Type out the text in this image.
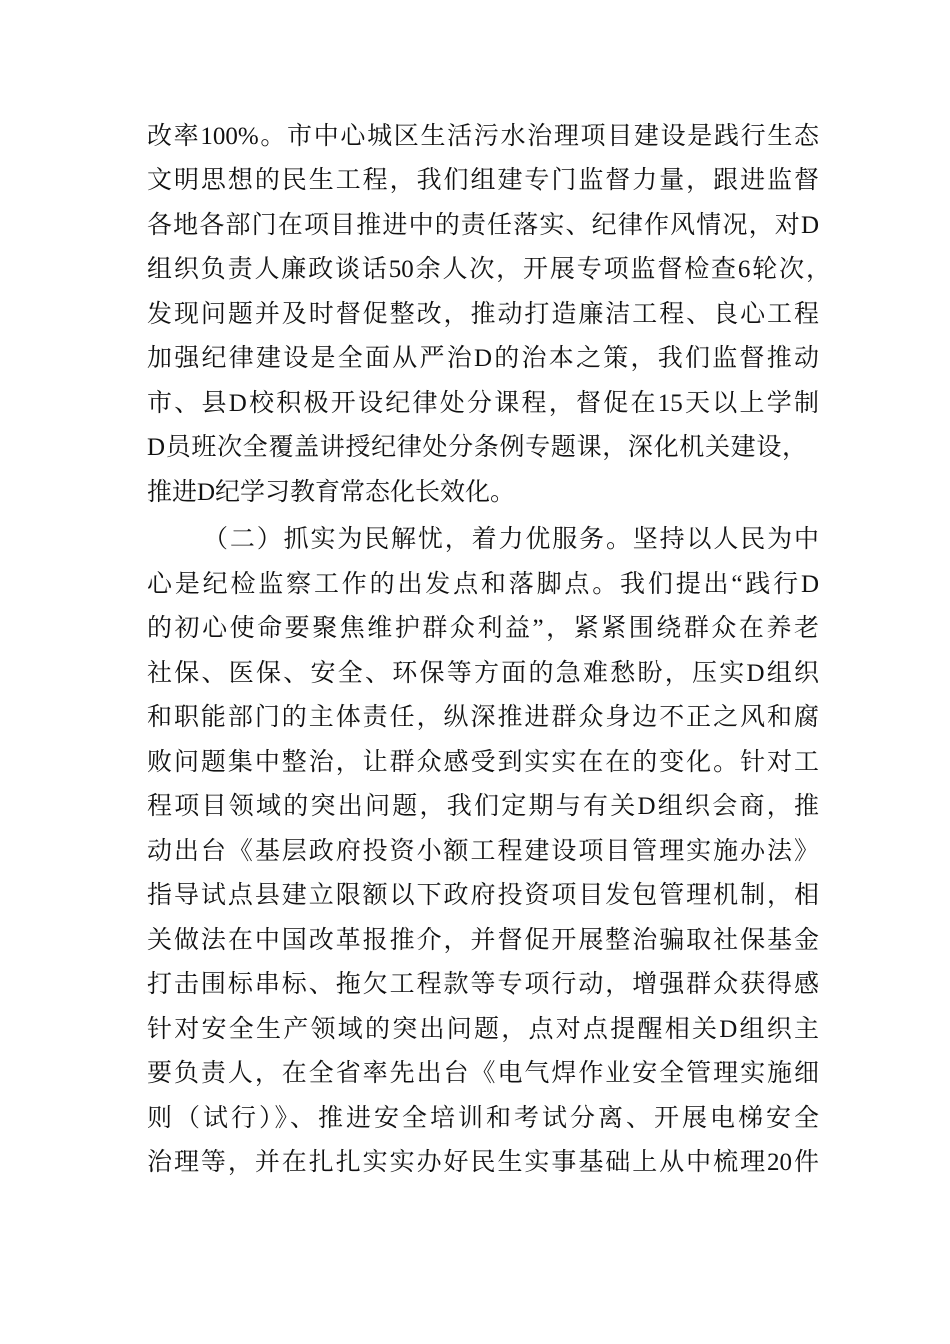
改率100%。市中心城区生活污水治理项目建设是践行生态
文明思想的民生工程，我们组建专门监督力量，跟进监督
各地各部门在项目推进中的责任落实、纪律作风情况，对D
组织负责人廉政谈话50余人次，开展专项监督检查6轮次，
发现问题并及时督促整改，推动打造廉洁工程、良心工程
加强纪律建设是全面从严治D的治本之策，我们监督推动
市、县D校积极开设纪律处分课程，督促在15天以上学制
D员班次全覆盖讲授纪律处分条例专题课，深化机关建设，
推进D纪学习教育常态化长效化。
（二）抓实为民解忧，着力优服务。坚持以人民为中
心是纪检监察工作的出发点和落脚点。我们提出“践行D
的初心使命要聚焦维护群众利益”，紧紧围绕群众在养老
社保、医保、安全、环保等方面的急难愁盼，压实D组织
和职能部门的主体责任，纵深推进群众身边不正之风和腐
败问题集中整治，让群众感受到实实在在的变化。针对工
程项目领域的突出问题，我们定期与有关D组织会商，推
动出台《基层政府投资小额工程建设项目管理实施办法》
指导试点县建立限额以下政府投资项目发包管理机制，相
关做法在中国改革报推介，并督促开展整治骗取社保基金
打击围标串标、拖欠工程款等专项行动，增强群众获得感
针对安全生产领域的突出问题，点对点提醒相关D组织主
要负责人，在全省率先出台《电气焊作业安全管理实施细
则（试行）》、推进安全培训和考试分离、开展电梯安全
治理等，并在扎扎实实办好民生实事基础上从中梳理20件
